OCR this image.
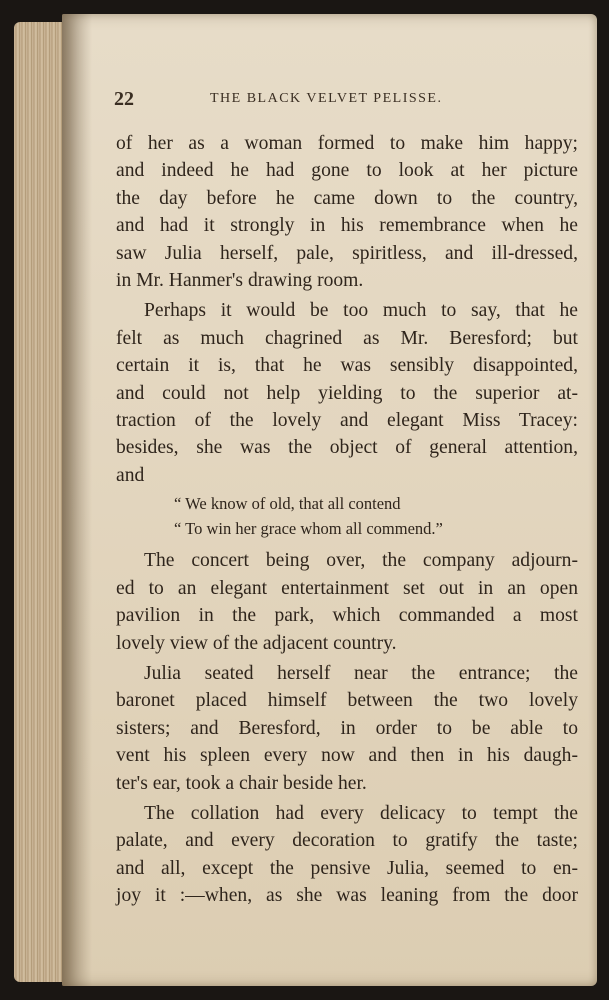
22	THE BLACK VELVET PELISSE.
of her as a woman formed to make him happy;
and indeed he had gone to look at her picture
the day before he came down to the country,
and had it strongly in his remembrance when he
saw Julia herself, pale, spiritless, and ill-dressed,
in Mr. Hanmer's drawing room.
Perhaps it would be too much to say, that he
felt as much chagrined as Mr. Beresford; but
certain it is, that he was sensibly disappointed,
and could not help yielding to the superior at-
traction of the lovely and elegant Miss Tracey:
besides, she was the object of general attention,
and
“ We know of old, that all contend
“ To win her grace whom all commend.”
The concert being over, the company adjourn-
ed to an elegant entertainment set out in an open
pavilion in the park, which commanded a most
lovely view of the adjacent country.
Julia seated herself near the entrance; the
baronet placed himself between the two lovely
sisters; and Beresford, in order to be able to
vent his spleen every now and then in his daugh-
ter's ear, took a chair beside her.
The collation had every delicacy to tempt the
palate, and every decoration to gratify the taste;
and all, except the pensive Julia, seemed to en-
joy it :—when, as she was leaning from the door
